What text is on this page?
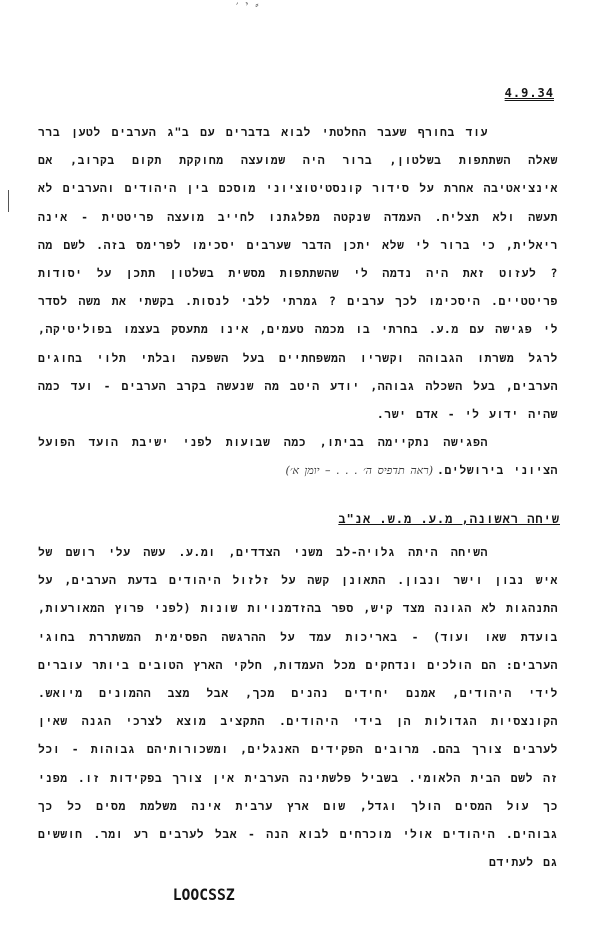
י ׳ ⸗
4.9.34

עוד בחורף שעבר החלטתי לבוא בדברים עם ב"ג הערבים לטען ברר שאלה השתתפות בשלטון, ברור היה שמועצה מחוקקת תקום בקרוב, אם אינציאטיבה אחרת על סידור קונסטיטוציוני מוסכם בין היהודים והערבים לא תעשה ולא תצליח. העמדה שנקטה מפלגתנו לחייב מועצה פריטטית - אינה ריאלית, כי ברור לי שלא יתכן הדבר שערבים יסכימו לפרימס בזה. לשם מה ? לעזוט זאת היה נדמה לי שהשתתפות מסשית בשלטון תתכן על יסודות פריטטיים. היסכימו לכך ערבים ? גמרתי ללבי לנסות. בקשתי את משה לסדר לי פגישה עם מ.ע. בחרתי בו מכמה טעמים, אינו מתעסק בעצמו בפוליטיקה, לרגל משרתו הגבוהה וקשריו המשפחתיים בעל השפעה ובלתי תלוי בחוגים הערבים, בעל השכלה גבוהה, יודע היטב מה שנעשה בקרב הערבים - ועד כמה שהיה ידוע לי - אדם ישר.

הפגישה נתקיימה בביתו, כמה שבועות לפני ישיבת הועד הפועל הציוני בירושלים.(ראה תדפיס ה׳ . . . – יומן א׳)

שיחה ראשונה, מ.ע. מ.ש. אנ"ב

השיחה היתה גלויה-לב משני הצדדים, ומ.ע. עשה עלי רושם של איש נבון וישר ונבון. התאונן קשה על זלזול היהודים בדעת הערבים, על התנהגות לא הגונה מצד קיש, ספר בהזדמנויות שונות (לפני פרוץ המאורעות, בועדת שאו ועוד) - באריכות עמד על ההרגשה הפסימית המשתררת בחוגי הערבים: הם הולכים ונדחקים מכל העמדות, חלקי הארץ הטובים ביותר עוברים לידי היהודים, אמנם יחידים נהנים מכך, אבל מצב ההמונים מיואש. הקונצסיות הגדולות הן בידי היהודים. התקציב מוצא לצרכי הגנה שאין לערבים צורך בהם. מרובים הפקידים האנגלים, ומשכורותיהם גבוהות - וכל זה לשם הבית הלאומי. בשביל פלשתינה הערבית אין צורך בפקידות זו. מפני כך עול המסים הולך וגדל, שום ארץ ערבית אינה משלמת מסים כל כך גבוהים. היהודים אולי מוכרחים לבוא הנה - אבל לערבים רע ומר. חוששים גם לעתידם

LOOCSSZ
